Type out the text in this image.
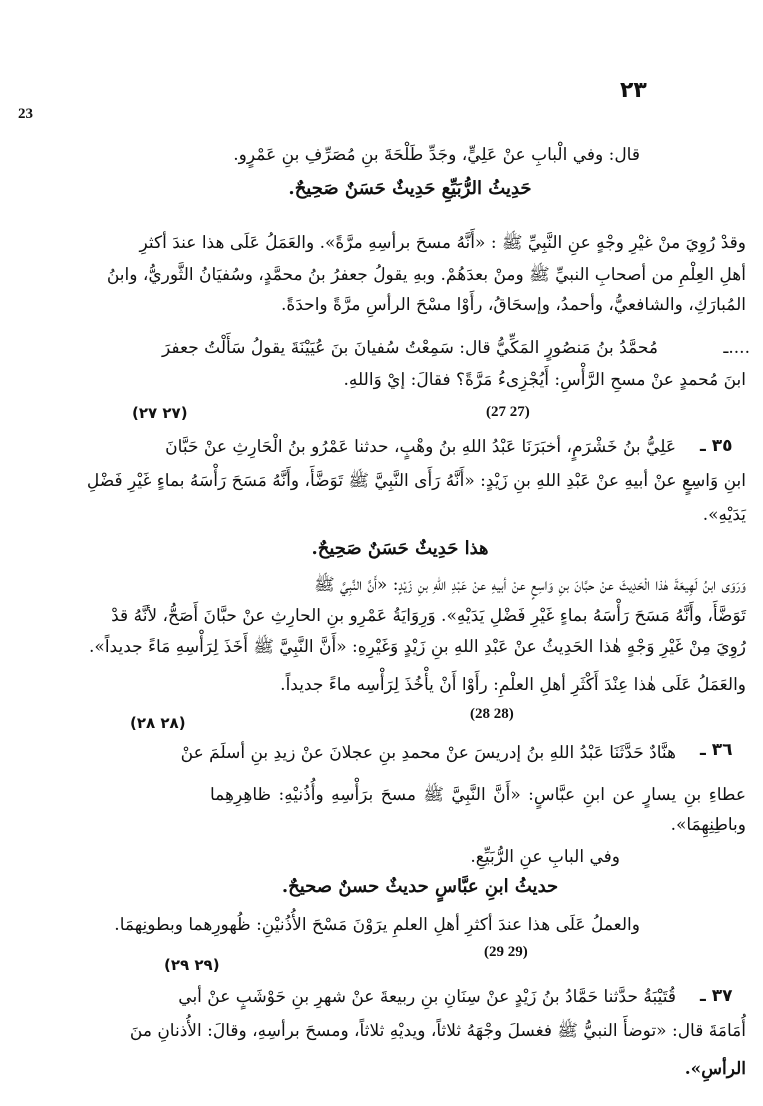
٢٣
23
قال: وفي الْبابِ عنْ عَلِيٍّ، وجَدِّ طَلْحَةَ بنِ مُصَرِّفِ بنِ عَمْرٍو.
حَدِيثُ الرُّبَيِّعِ حَدِيثٌ حَسَنٌ صَحِيحٌ.
وقدْ رُوِيَ منْ غيْرِ وجْهٍ عنِ النَّبِيِّ ﷺ : «أَنَّهُ مسحَ برأسِهِ مرَّةً». والعَمَلُ عَلَى هذا عندَ أكثرِ
أهلِ العِلْمِ من أصحابِ النبيِّ ﷺ ومنْ بعدَهُمْ. وبهِ يقولُ جعفرُ بنُ محمَّدٍ، وسُفيَانُ الثَّوريُّ، وابنُ
المُبارَكِ، والشافعيُّ، وأحمدُ، وإسحَاقُ، رأَوْا مسْحَ الرأسِ مرَّةً واحدَةً.
....ـ
مُحمَّدُ بنُ مَنصُورٍ المَكِّيُّ قال: سَمِعْتُ سُفيانَ بنَ عُيَيْنَةَ يقولُ سَأَلْتُ جعفرَ
ابنَ مُحمدٍ عنْ مسحِ الرَّأْسِ: أَيُجْزِىءُ مَرَّةً؟ فقالَ: إيْ وَاللهِ.
(٢٧ ٢٧)	(27 27)
٣٥ ـ
عَلِيُّ بنُ خَشْرَمٍ، أخبَرَنَا عَبْدُ اللهِ بنُ وهْبٍ، حدثنا عَمْرُو بنُ الْحَارِثِ عنْ حَبَّانَ
ابنِ وَاسِعٍ عنْ أبيهِ عنْ عَبْدِ اللهِ بنِ زَيْدٍ: «أَنَّهُ رَأَى النَّبِيَّ ﷺ تَوَضَّأَ، وأَنَّهُ مَسَحَ رَأْسَهُ بماءٍ غَيْرِ فَضْلِ
يَدَيْهِ».
هذا حَدِيثٌ حَسَنٌ صَحِيحٌ.
وَرَوَى ابنُ لَهِيعَةَ هٰذا الْحَدِيثَ عنْ حبَّانَ بنِ وَاسِعٍ عنْ أبيهِ عنْ عَبْدِ اللهِ بنِ زَيْدٍ: «أَنَّ النَّبِيَّ ﷺ
تَوَضَّأَ، وأَنَّهُ مَسَحَ رَأْسَهُ بماءٍ غَيْرِ فَضْلِ يَدَيْهِ». وَرِوَايَةُ عَمْرِو بنِ الحارِثِ عنْ حبَّانَ أَصَحُّ، لأنَّهُ قدْ
رُوِيَ مِنْ غَيْرِ وَجْهٍ هٰذا الحَدِيثُ عنْ عَبْدِ اللهِ بنِ زَيْدٍ وَغَيْرِهِ: «أَنَّ النَّبِيَّ ﷺ أَخَذَ لِرَأْسِهِ مَاءً جديداً».
والعَمَلُ عَلَى هٰذا عِنْدَ أَكْثَرِ أهلِ العلْمِ: رأَوْا أَنْ يأْخُذَ لِرَأْسِه ماءً جديداً.
(28 28)
(٢٨ ٢٨)
٣٦ ـ
هنَّادٌ حَدَّثَنَا عَبْدُ اللهِ بنُ إدريسَ عنْ محمدِ بنِ عجلانَ عنْ زيدِ بنِ أسلَمَ عنْ
عطاءِ بنِ يسارٍ عن ابنِ عبَّاسٍ: «أَنَّ النَّبِيَّ ﷺ مسحَ برَأْسِهِ وأُذُنيْهِ: ظاهِرِهِما وباطِنِهِمَا».
وفي البابِ عنِ الرُّبَيِّعِ.
حديثُ ابنِ عبَّاسٍ حديثٌ حسنٌ صحيحٌ.
والعملُ عَلَى هذا عندَ أكثرِ أهلِ العلمِ يرَوْنَ مَسْحَ الأُذُنيْنِ: ظُهورِهما وبطونِهمَا.
(29 29)
(٢٩ ٢٩)
٣٧ ـ
قُتَيْبَةُ حدَّثنا حَمَّادُ بنُ زَيْدٍ عنْ سِنَانِ بنِ ربيعةَ عنْ شهرِ بنِ حَوْشَبٍ عنْ أبي
أُمَامَةَ قال: «توضأَ النبيُّ ﷺ فغسلَ وجْهَهُ ثلاثاً، ويديْهِ ثلاثاً، ومسحَ برأسِهِ، وقالَ: الأُذنانِ منَ
الرأسِ».
